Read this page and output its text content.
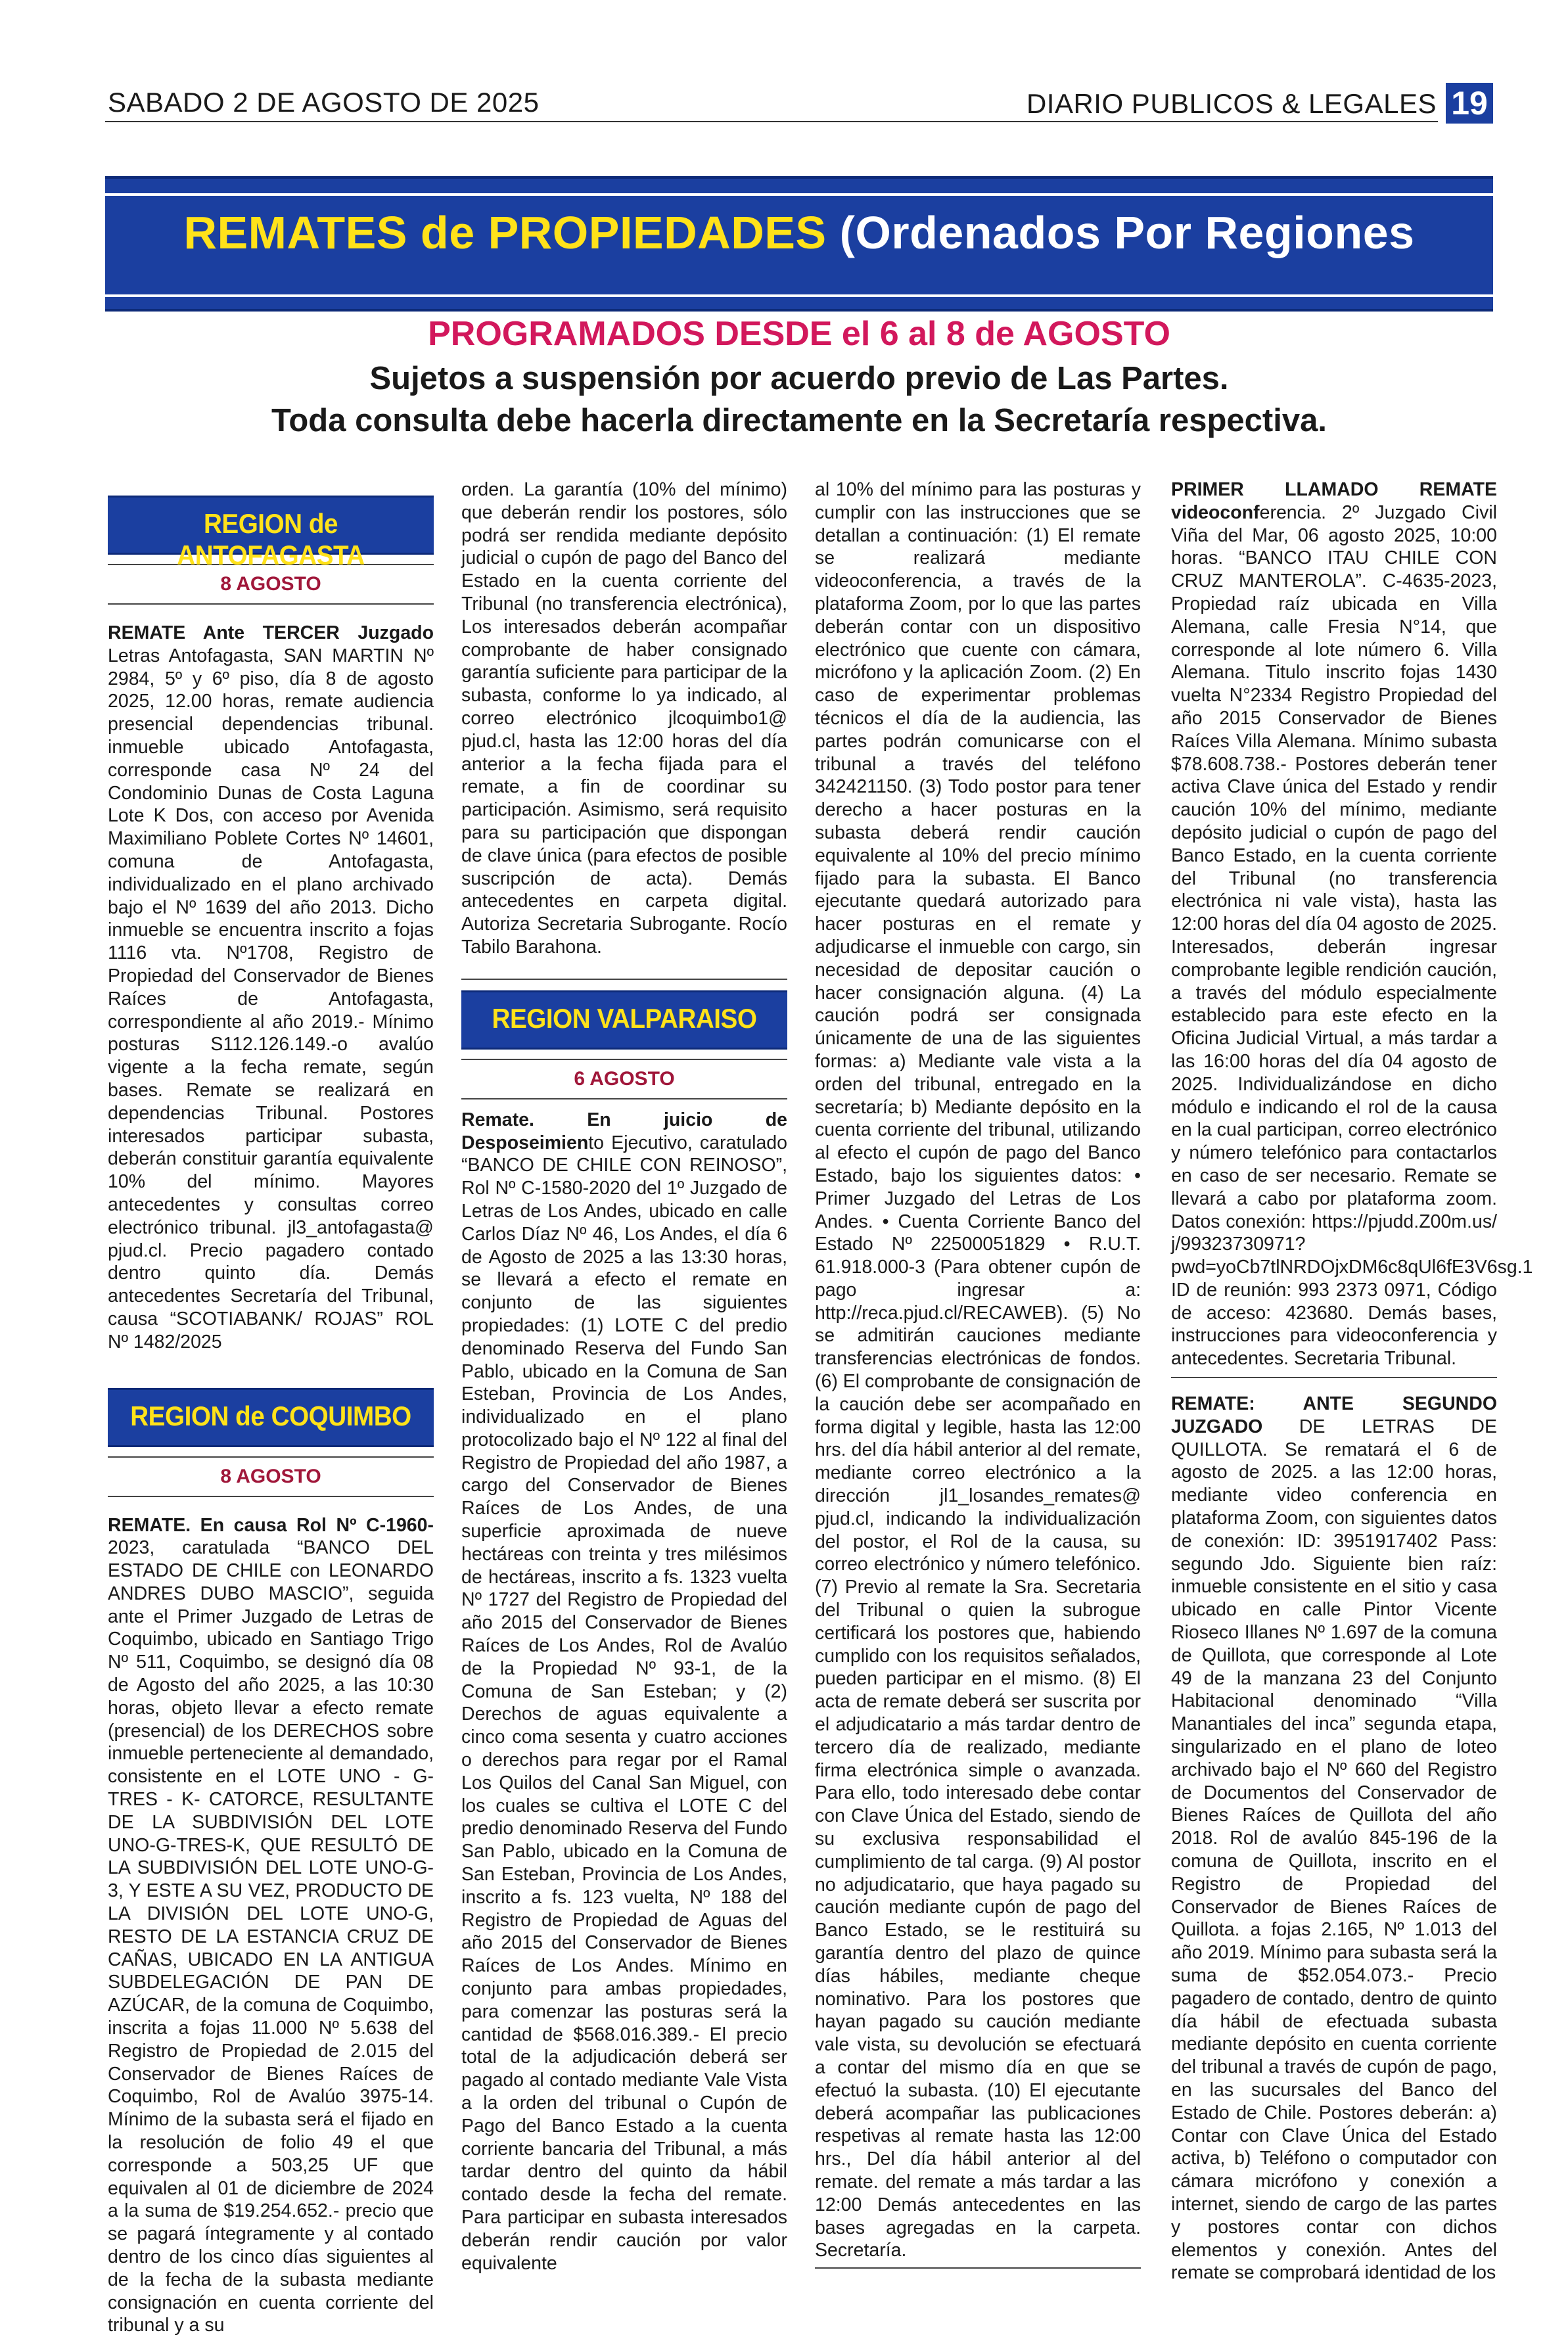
SABADO 2 DE AGOSTO DE 2025	DIARIO PUBLICOS & LEGALES 19
REMATES de PROPIEDADES (Ordenados Por Regiones
PROGRAMADOS DESDE el 6 al 8 de AGOSTO
Sujetos a suspensión por acuerdo previo de Las Partes.
Toda consulta debe hacerla directamente en la Secretaría respectiva.
REGION de ANTOFAGASTA
8 AGOSTO

REMATE Ante TERCER Juzgado Letras Antofagasta, SAN MARTIN Nº 2984, 5º y 6º piso, día 8 de agosto 2025, 12.00 horas, remate audiencia presencial dependencias tribunal. inmueble ubicado Antofagasta, corresponde casa Nº 24 del Condominio Dunas de Costa Laguna Lote K Dos, con acceso por Avenida Maximiliano Poblete Cortes Nº 14601, comuna de Antofagasta, individualizado en el plano archivado bajo el Nº 1639 del año 2013. Dicho inmueble se encuentra inscrito a fojas 1116 vta. Nº1708, Registro de Propiedad del Conservador de Bienes Raíces de Antofagasta, correspondiente al año 2019.- Mínimo posturas S112.126.149.-o avalúo vigente a la fecha remate, según bases. Remate se realizará en dependencias Tribunal. Postores interesados participar subasta, deberán constituir garantía equivalente 10% del mínimo. Mayores antecedentes y consultas correo electrónico tribunal. jl3_antofagasta@ pjud.cl. Precio pagadero contado dentro quinto día. Demás antecedentes Secretaría del Tribunal, causa “SCOTIABANK/ ROJAS” ROL Nº 1482/2025

REGION de COQUIMBO
8 AGOSTO

REMATE. En causa Rol Nº C-1960- 2023, caratulada “BANCO DEL ESTADO DE CHILE con LEONARDO ANDRES DUBO MASCIO”, seguida ante el Primer Juzgado de Letras de Coquimbo, ubicado en Santiago Trigo Nº 511, Coquimbo, se designó día 08 de Agosto del año 2025, a las 10:30 horas, objeto llevar a efecto remate (presencial) de los DERECHOS sobre inmueble perteneciente al demandado, consistente en el LOTE UNO - G-TRES - K- CATORCE, RESULTANTE DE LA SUBDIVISIÓN DEL LOTE UNO-G-TRES-K, QUE RESULTÓ DE LA SUBDIVISIÓN DEL LOTE UNO-G-3, Y ESTE A SU VEZ, PRODUCTO DE LA DIVISIÓN DEL LOTE UNO-G, RESTO DE LA ESTANCIA CRUZ DE CAÑAS, UBICADO EN LA ANTIGUA SUBDELEGACIÓN DE PAN DE AZÚCAR, de la comuna de Coquimbo, inscrita a fojas 11.000 Nº 5.638 del Registro de Propiedad de 2.015 del Conservador de Bienes Raíces de Coquimbo, Rol de Avalúo 3975-14. Mínimo de la subasta será el fijado en la resolución de folio 49 el que corresponde a 503,25 UF que equivalen al 01 de diciembre de 2024 a la suma de $19.254.652.- precio que se pagará íntegramente y al contado dentro de los cinco días siguientes al de la fecha de la subasta mediante consignación en cuenta corriente del tribunal y a su

orden. La garantía (10% del mínimo) que deberán rendir los postores, sólo podrá ser rendida mediante depósito judicial o cupón de pago del Banco del Estado en la cuenta corriente del Tribunal (no transferencia electrónica), Los interesados deberán acompañar comprobante de haber consignado garantía suficiente para participar de la subasta, conforme lo ya indicado, al correo electrónico jlcoquimbo1@ pjud.cl, hasta las 12:00 horas del día anterior a la fecha fijada para el remate, a fin de coordinar su participación. Asimismo, será requisito para su participación que dispongan de clave única (para efectos de posible suscripción de acta). Demás antecedentes en carpeta digital. Autoriza Secretaria Subrogante. Rocío Tabilo Barahona.

REGION VALPARAISO
6 AGOSTO

Remate. En juicio de Desposeimiento Ejecutivo, caratulado “BANCO DE CHILE CON REINOSO”, Rol Nº C-1580-2020 del 1º Juzgado de Letras de Los Andes, ubicado en calle Carlos Díaz Nº 46, Los Andes, el día 6 de Agosto de 2025 a las 13:30 horas, se llevará a efecto el remate en conjunto de las siguientes propiedades: (1) LOTE C del predio denominado Reserva del Fundo San Pablo, ubicado en la Comuna de San Esteban, Provincia de Los Andes, individualizado en el plano protocolizado bajo el Nº 122 al final del Registro de Propiedad del año 1987, a cargo del Conservador de Bienes Raíces de Los Andes, de una superficie aproximada de nueve hectáreas con treinta y tres milésimos de hectáreas, inscrito a fs. 1323 vuelta Nº 1727 del Registro de Propiedad del año 2015 del Conservador de Bienes Raíces de Los Andes, Rol de Avalúo de la Propiedad Nº 93-1, de la Comuna de San Esteban; y (2) Derechos de aguas equivalente a cinco coma sesenta y cuatro acciones o derechos para regar por el Ramal Los Quilos del Canal San Miguel, con los cuales se cultiva el LOTE C del predio denominado Reserva del Fundo San Pablo, ubicado en la Comuna de San Esteban, Provincia de Los Andes, inscrito a fs. 123 vuelta, Nº 188 del Registro de Propiedad de Aguas del año 2015 del Conservador de Bienes Raíces de Los Andes. Mínimo en conjunto para ambas propiedades, para comenzar las posturas será la cantidad de $568.016.389.- El precio total de la adjudicación deberá ser pagado al contado mediante Vale Vista a la orden del tribunal o Cupón de Pago del Banco Estado a la cuenta corriente bancaria del Tribunal, a más tardar dentro del quinto da hábil contado desde la fecha del remate. Para participar en subasta interesados deberán rendir caución por valor equivalente

al 10% del mínimo para las posturas y cumplir con las instrucciones que se detallan a continuación: (1) El remate se realizará mediante videoconferencia, a través de la plataforma Zoom, por lo que las partes deberán contar con un dispositivo electrónico que cuente con cámara, micrófono y la aplicación Zoom. (2) En caso de experimentar problemas técnicos el día de la audiencia, las partes podrán comunicarse con el tribunal a través del teléfono 342421150. (3) Todo postor para tener derecho a hacer posturas en la subasta deberá rendir caución equivalente al 10% del precio mínimo fijado para la subasta. El Banco ejecutante quedará autorizado para hacer posturas en el remate y adjudicarse el inmueble con cargo, sin necesidad de depositar caución o hacer consignación alguna. (4) La caución podrá ser consignada únicamente de una de las siguientes formas: a) Mediante vale vista a la orden del tribunal, entregado en la secretaría; b) Mediante depósito en la cuenta corriente del tribunal, utilizando al efecto el cupón de pago del Banco Estado, bajo los siguientes datos: • Primer Juzgado del Letras de Los Andes. • Cuenta Corriente Banco del Estado Nº 22500051829 • R.U.T. 61.918.000-3 (Para obtener cupón de pago ingresar a: http://reca.pjud.cl/RECAWEB). (5) No se admitirán cauciones mediante transferencias electrónicas de fondos. (6) El comprobante de consignación de la caución debe ser acompañado en forma digital y legible, hasta las 12:00 hrs. del día hábil anterior al del remate, mediante correo electrónico a la dirección jl1_losandes_remates@ pjud.cl, indicando la individualización del postor, el Rol de la causa, su correo electrónico y número telefónico. (7) Previo al remate la Sra. Secretaria del Tribunal o quien la subrogue certificará los postores que, habiendo cumplido con los requisitos señalados, pueden participar en el mismo. (8) El acta de remate deberá ser suscrita por el adjudicatario a más tardar dentro de tercero día de realizado, mediante firma electrónica simple o avanzada. Para ello, todo interesado debe contar con Clave Única del Estado, siendo de su exclusiva responsabilidad el cumplimiento de tal carga. (9) Al postor no adjudicatario, que haya pagado su caución mediante cupón de pago del Banco Estado, se le restituirá su garantía dentro del plazo de quince días hábiles, mediante cheque nominativo. Para los postores que hayan pagado su caución mediante vale vista, su devolución se efectuará a contar del mismo día en que se efectuó la subasta. (10) El ejecutante deberá acompañar las publicaciones respetivas al remate hasta las 12:00 hrs., Del día hábil anterior al del remate. del remate a más tardar a las 12:00 Demás antecedentes en las bases agregadas en la carpeta. Secretaría.

PRIMER LLAMADO REMATE videoconferencia. 2º Juzgado Civil Viña del Mar, 06 agosto 2025, 10:00 horas. “BANCO ITAU CHILE CON CRUZ MANTEROLA”. C-4635-2023, Propiedad raíz ubicada en Villa Alemana, calle Fresia N°14, que corresponde al lote número 6. Villa Alemana. Titulo inscrito fojas 1430 vuelta N°2334 Registro Propiedad del año 2015 Conservador de Bienes Raíces Villa Alemana. Mínimo subasta $78.608.738.- Postores deberán tener activa Clave única del Estado y rendir caución 10% del mínimo, mediante depósito judicial o cupón de pago del Banco Estado, en la cuenta corriente del Tribunal (no transferencia electrónica ni vale vista), hasta las 12:00 horas del día 04 agosto de 2025. Interesados, deberán ingresar comprobante legible rendición caución, a través del módulo especialmente establecido para este efecto en la Oficina Judicial Virtual, a más tardar a las 16:00 horas del día 04 agosto de 2025. Individualizándose en dicho módulo e indicando el rol de la causa en la cual participan, correo electrónico y número telefónico para contactarlos en caso de ser necesario. Remate se llevará a cabo por plataforma zoom. Datos conexión: https://pjudd.Z00m.us/ j/99323730971?pwd=yoCb7tlNRDOjxDM6c8qUl6fE3V6sg.1 ID de reunión: 993 2373 0971, Código de acceso: 423680. Demás bases, instrucciones para videoconferencia y antecedentes. Secretaria Tribunal.

REMATE: ANTE SEGUNDO JUZGADO DE LETRAS DE QUILLOTA. Se rematará el 6 de agosto de 2025. a las 12:00 horas, mediante video conferencia en plataforma Zoom, con siguientes datos de conexión: ID: 3951917402 Pass: segundo Jdo. Siguiente bien raíz: inmueble consistente en el sitio y casa ubicado en calle Pintor Vicente Rioseco Illanes Nº 1.697 de la comuna de Quillota, que corresponde al Lote 49 de la manzana 23 del Conjunto Habitacional denominado “Villa Manantiales del inca” segunda etapa, singularizado en el plano de loteo archivado bajo el Nº 660 del Registro de Documentos del Conservador de Bienes Raíces de Quillota del año 2018. Rol de avalúo 845-196 de la comuna de Quillota, inscrito en el Registro de Propiedad del Conservador de Bienes Raíces de Quillota. a fojas 2.165, Nº 1.013 del año 2019. Mínimo para subasta será la suma de $52.054.073.- Precio pagadero de contado, dentro de quinto día hábil de efectuada subasta mediante depósito en cuenta corriente del tribunal a través de cupón de pago, en las sucursales del Banco del Estado de Chile. Postores deberán: a) Contar con Clave Única del Estado activa, b) Teléfono o computador con cámara micrófono y conexión a internet, siendo de cargo de las partes y postores contar con dichos elementos y conexión. Antes del remate se comprobará identidad de los
